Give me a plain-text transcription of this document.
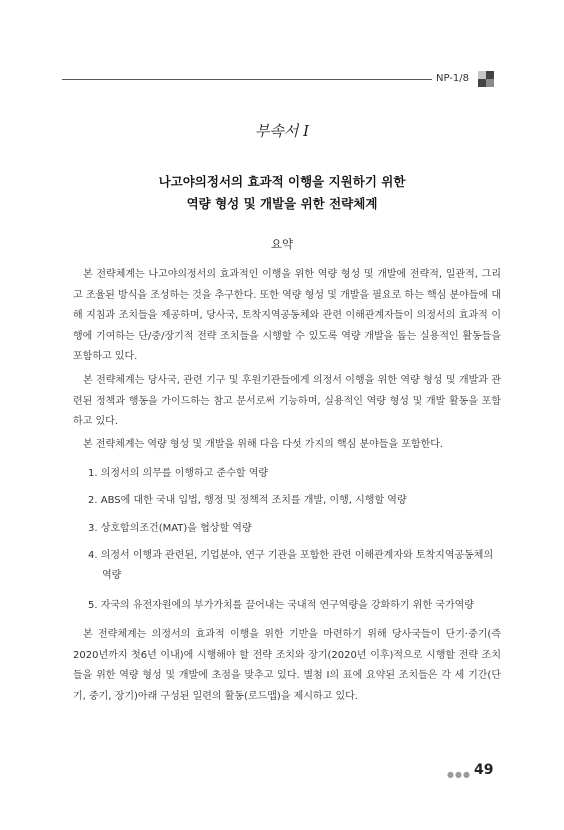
NP-1/8
부속서 I
나고야의정서의 효과적 이행을 지원하기 위한
역량 형성 및 개발을 위한 전략체계
요약

본 전략체계는 나고야의정서의 효과적인 이행을 위한 역량 형성 및 개발에 전략적, 일관적, 그리고 조율된 방식을 조성하는 것을 추구한다. 또한 역량 형성 및 개발을 필요로 하는 핵심 분야들에 대해 지침과 조치들을 제공하며, 당사국, 토착지역공동체와 관련 이해관계자들이 의정서의 효과적 이행에 기여하는 단/중/장기적 전략 조치들을 시행할 수 있도록 역량 개발을 돕는 실용적인 활동들을 포함하고 있다.

본 전략체계는 당사국, 관련 기구 및 후원기관들에게 의정서 이행을 위한 역량 형성 및 개발과 관련된 정책과 행동을 가이드하는 참고 문서로써 기능하며, 실용적인 역량 형성 및 개발 활동을 포함하고 있다.

본 전략체계는 역량 형성 및 개발을 위해 다음 다섯 가지의 핵심 분야들을 포함한다.

1. 의정서의 의무를 이행하고 준수할 역량
2. ABS에 대한 국내 입법, 행정 및 정책적 조치를 개발, 이행, 시행할 역량
3. 상호합의조건(MAT)을 협상할 역량
4. 의정서 이행과 관련된, 기업분야, 연구 기관을 포함한 관련 이해관계자와 토착지역공동체의
역량
5. 자국의 유전자원에의 부가가치를 끌어내는 국내적 연구역량을 강화하기 위한 국가역량

본 전략체계는 의정서의 효과적 이행을 위한 기반을 마련하기 위해 당사국들이 단기·중기(즉 2020년까지 첫6년 이내)에 시행해야 할 전략 조치와 장기(2020년 이후)적으로 시행할 전략 조치들을 위한 역량 형성 및 개발에 초점을 맞추고 있다. 별첨 I의 표에 요약된 조치들은 각 세 기간(단기, 중기, 장기)아래 구성된 일련의 활동(로드맵)을 제시하고 있다.

●●● 49
